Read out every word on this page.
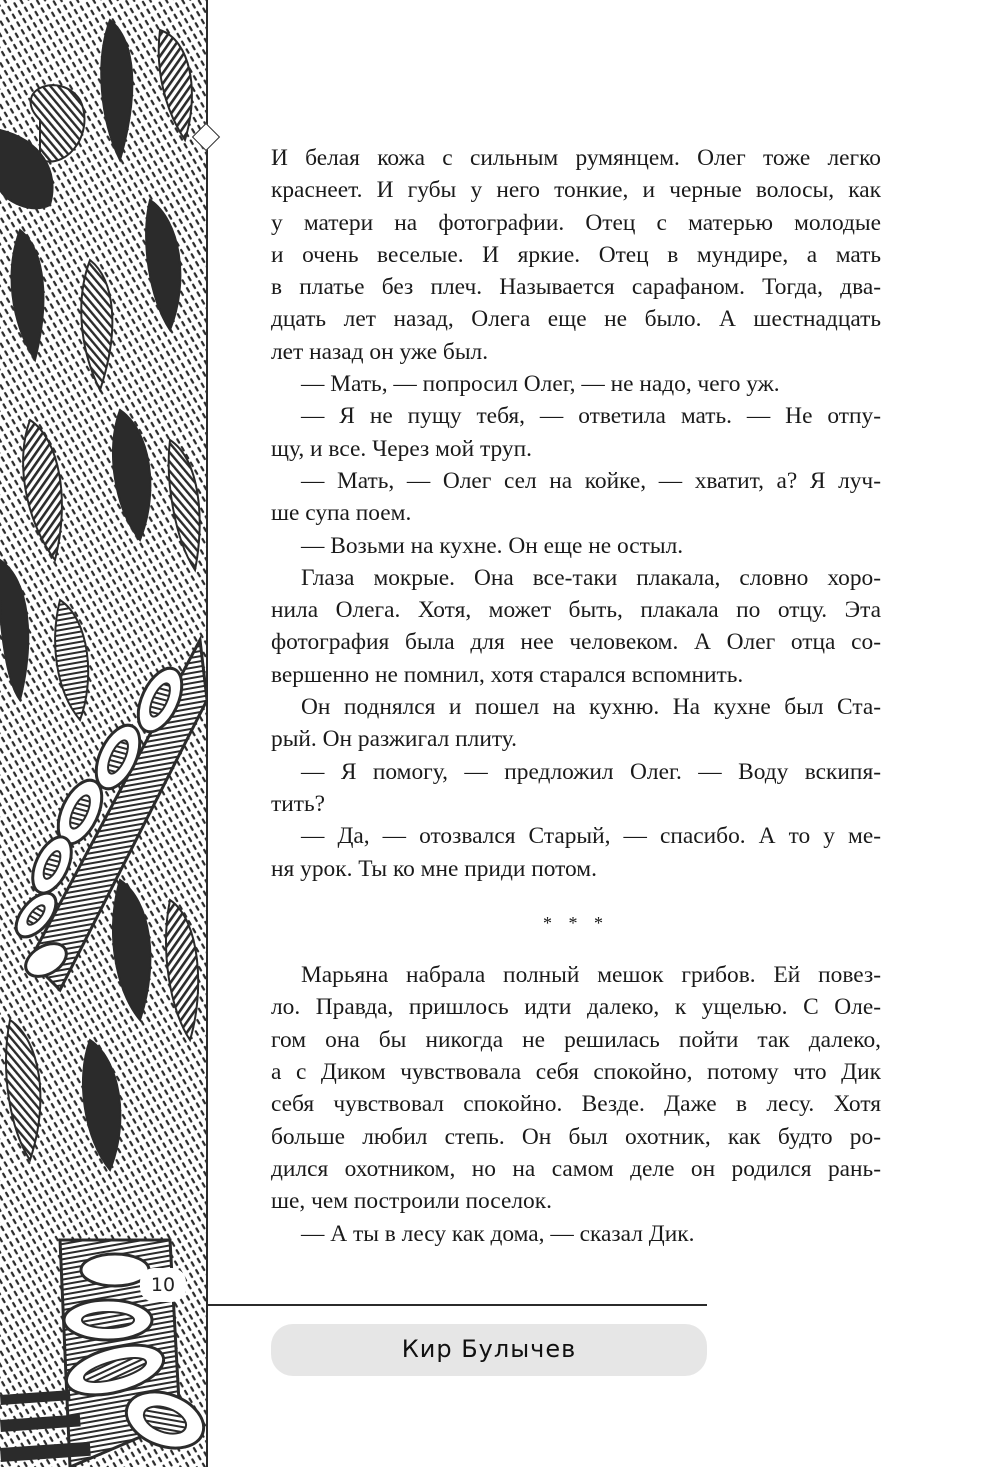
10

И белая кожа с сильным румянцем. Олег тоже легко
краснеет. И губы у него тонкие, и черные волосы, как
у матери на фотографии. Отец с матерью молодые
и очень веселые. И яркие. Отец в мундире, а мать
в платье без плеч. Называется сарафаном. Тогда, два-
дцать лет назад, Олега еще не было. А шестнадцать
лет назад он уже был.

— Мать, — попросил Олег, — не надо, чего уж.

— Я не пущу тебя, — ответила мать. — Не отпу-
щу, и все. Через мой труп.

— Мать, — Олег сел на койке, — хватит, а? Я луч-
ше супа поем.

— Возьми на кухне. Он еще не остыл.

Глаза мокрые. Она все-таки плакала, словно хоро-
нила Олега. Хотя, может быть, плакала по отцу. Эта
фотография была для нее человеком. А Олег отца со-
вершенно не помнил, хотя старался вспомнить.

Он поднялся и пошел на кухню. На кухне был Ста-
рый. Он разжигал плиту.

— Я помогу, — предложил Олег. — Воду вскипя-
тить?

— Да, — отозвался Старый, — спасибо. А то у ме-
ня урок. Ты ко мне приди потом.

* * *

Марьяна набрала полный мешок грибов. Ей повез-
ло. Правда, пришлось идти далеко, к ущелью. С Оле-
гом она бы никогда не решилась пойти так далеко,
а с Диком чувствовала себя спокойно, потому что Дик
себя чувствовал спокойно. Везде. Даже в лесу. Хотя
больше любил степь. Он был охотник, как будто ро-
дился охотником, но на самом деле он родился рань-
ше, чем построили поселок.

— А ты в лесу как дома, — сказал Дик.

Кир Булычев
